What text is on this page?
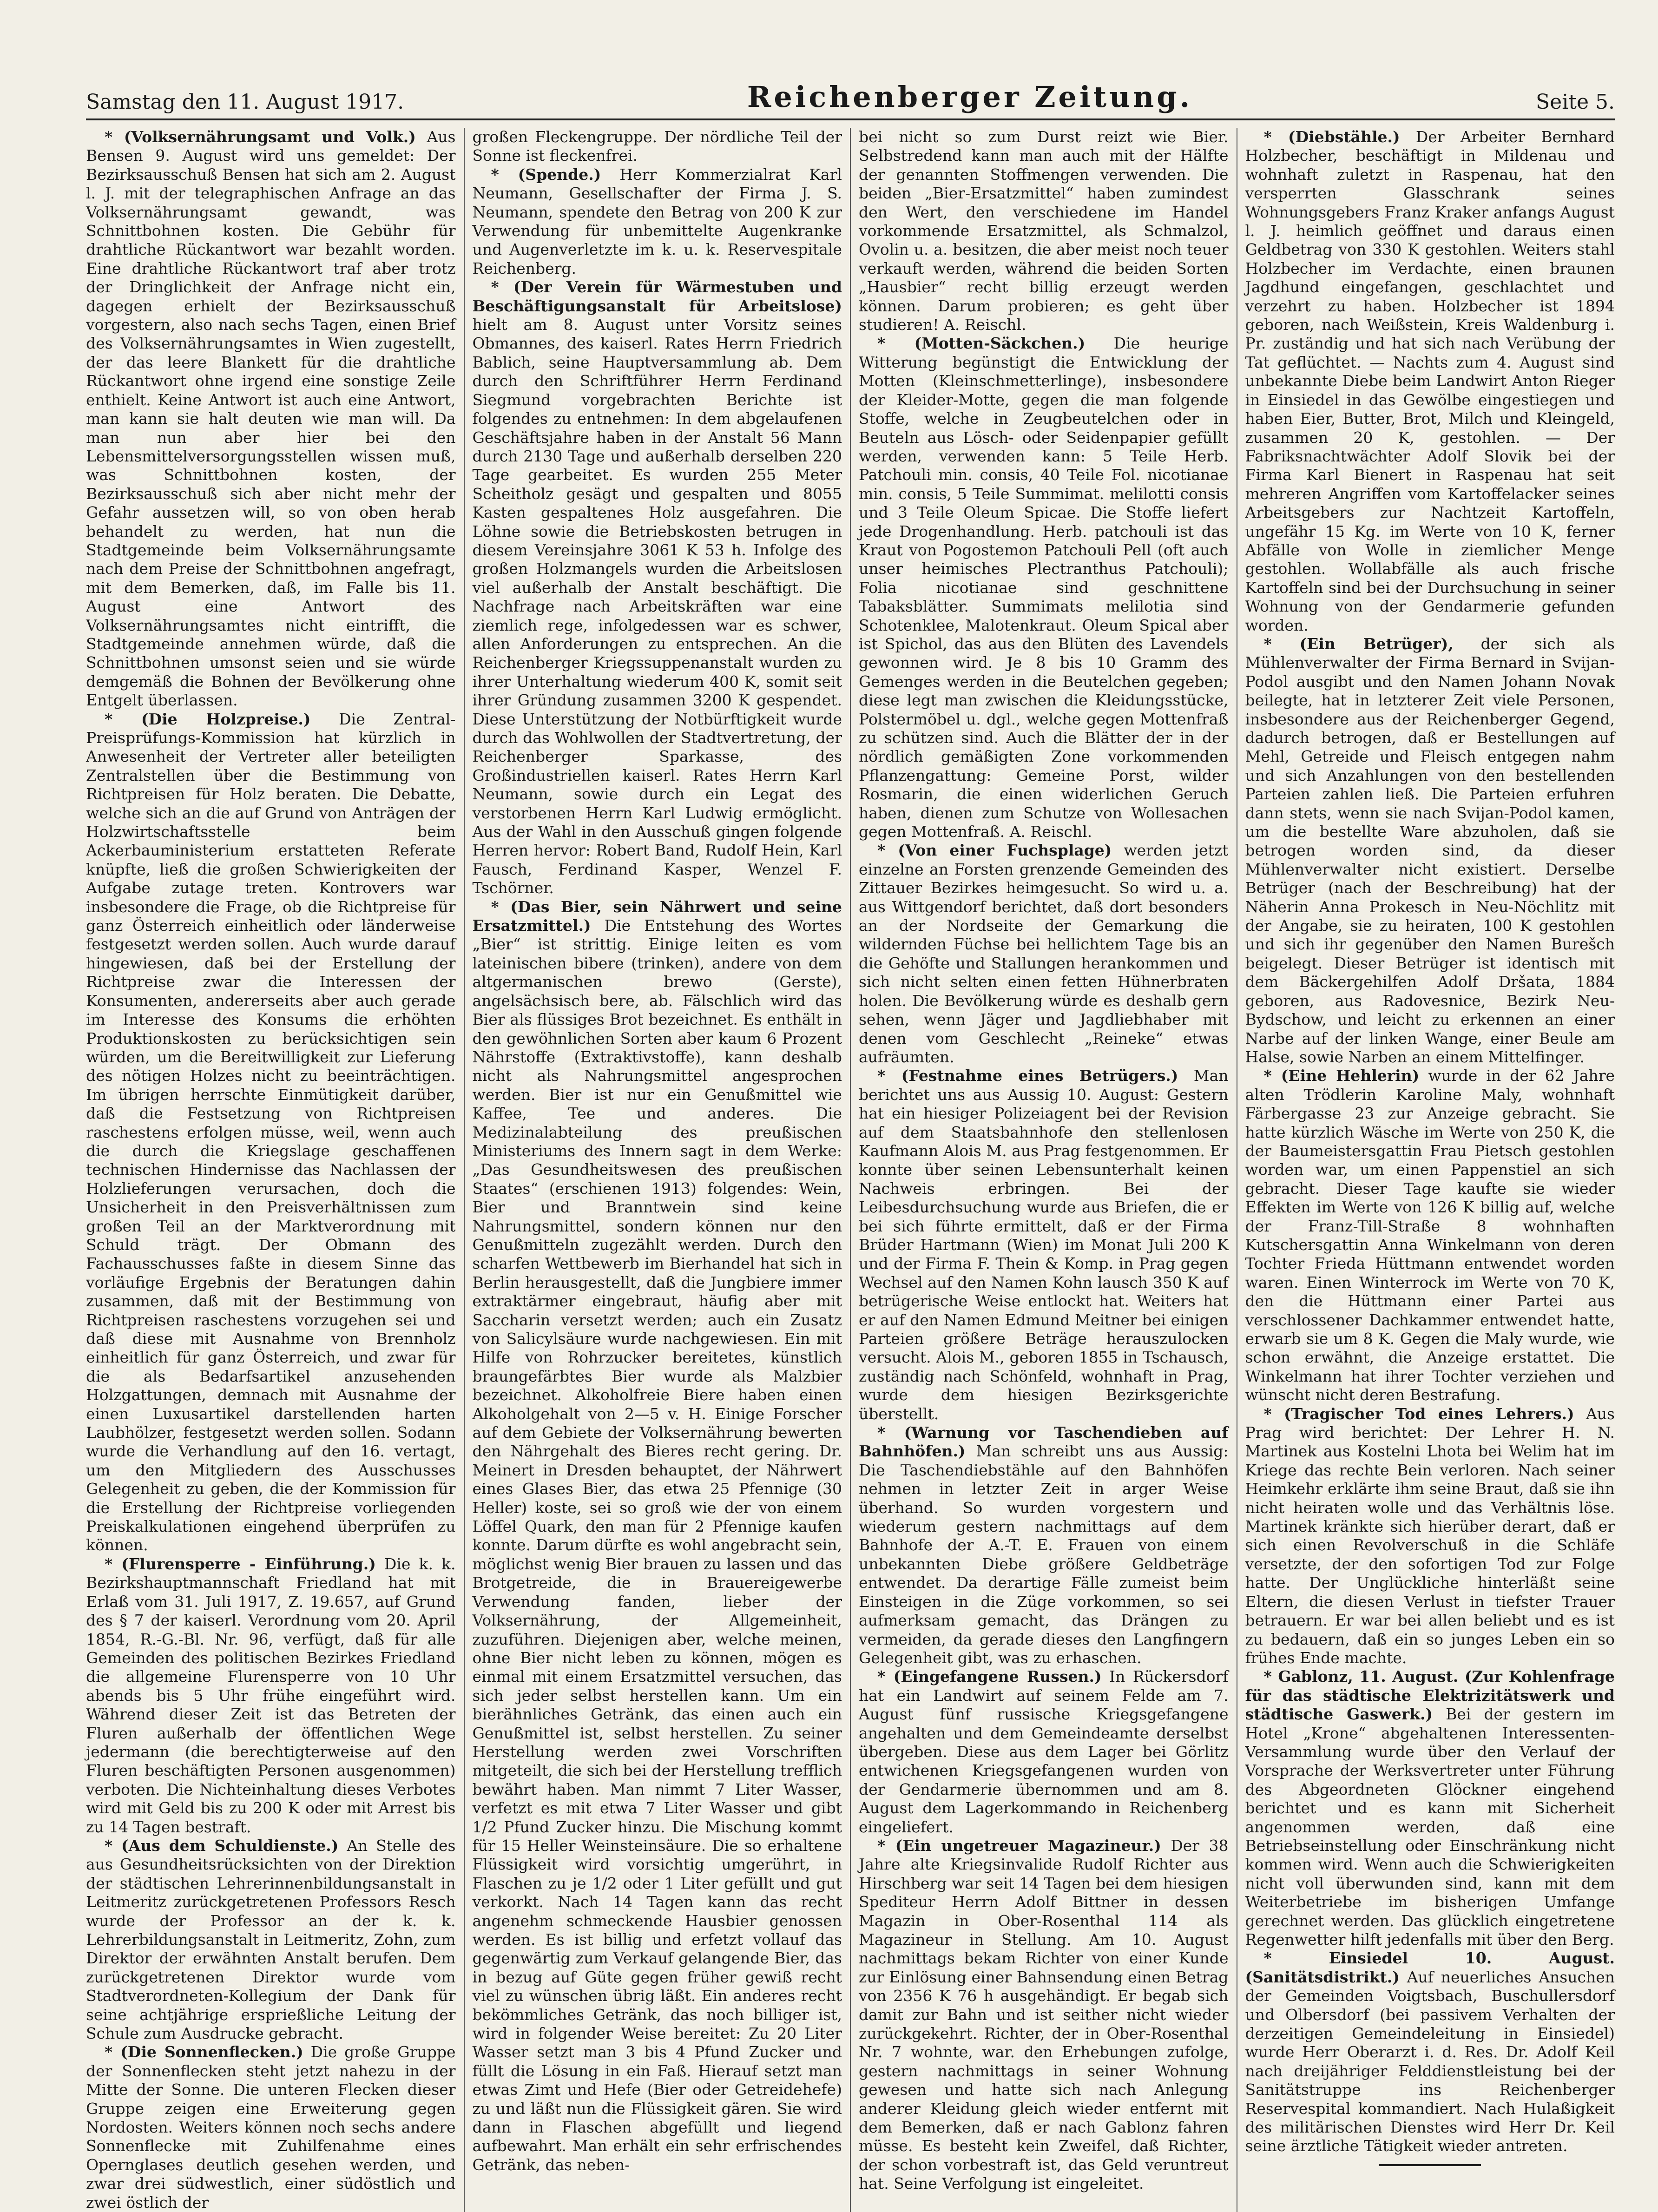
Samstag den 11. August 1917.	Reichenberger Zeitung.	Seite 5.

* (Volksernährungsamt und Volk.) Aus Bensen 9. August wird uns gemeldet: Der Bezirksausschuß Bensen hat sich am 2. August l. J. mit der telegraphischen Anfrage an das Volksernährungsamt gewandt, was Schnittbohnen kosten. Die Gebühr für drahtliche Rückantwort war bezahlt worden. Eine drahtliche Rückantwort traf aber trotz der Dringlichkeit der Anfrage nicht ein, dagegen erhielt der Bezirksausschuß vorgestern, also nach sechs Tagen, einen Brief des Volksernährungsamtes in Wien zugestellt, der das leere Blankett für die drahtliche Rückantwort ohne irgend eine sonstige Zeile enthielt. Keine Antwort ist auch eine Antwort, man kann sie halt deuten wie man will. Da man nun aber hier bei den Lebensmittelversorgungsstellen wissen muß, was Schnittbohnen kosten, der Bezirksausschuß sich aber nicht mehr der Gefahr aussetzen will, so von oben herab behandelt zu werden, hat nun die Stadtgemeinde beim Volksernährungsamte nach dem Preise der Schnittbohnen angefragt, mit dem Bemerken, daß, im Falle bis 11. August eine Antwort des Volksernährungsamtes nicht eintrifft, die Stadtgemeinde annehmen würde, daß die Schnittbohnen umsonst seien und sie würde demgemäß die Bohnen der Bevölkerung ohne Entgelt überlassen.

* (Die Holzpreise.) Die Zentral-Preisprüfungs-Kommission hat kürzlich in Anwesenheit der Vertreter aller beteiligten Zentralstellen über die Bestimmung von Richtpreisen für Holz beraten. Die Debatte, welche sich an die auf Grund von Anträgen der Holzwirtschaftsstelle beim Ackerbauministerium erstatteten Referate knüpfte, ließ die großen Schwierigkeiten der Aufgabe zutage treten. Kontrovers war insbesondere die Frage, ob die Richtpreise für ganz Österreich einheitlich oder länderweise festgesetzt werden sollen. Auch wurde darauf hingewiesen, daß bei der Erstellung der Richtpreise zwar die Interessen der Konsumenten, andererseits aber auch gerade im Interesse des Konsums die erhöhten Produktionskosten zu berücksichtigen sein würden, um die Bereitwilligkeit zur Lieferung des nötigen Holzes nicht zu beeinträchtigen. Im übrigen herrschte Einmütigkeit darüber, daß die Festsetzung von Richtpreisen raschestens erfolgen müsse, weil, wenn auch die durch die Kriegslage geschaffenen technischen Hindernisse das Nachlassen der Holzlieferungen verursachen, doch die Unsicherheit in den Preisverhältnissen zum großen Teil an der Marktverordnung mit Schuld trägt. Der Obmann des Fachausschusses faßte in diesem Sinne das vorläufige Ergebnis der Beratungen dahin zusammen, daß mit der Bestimmung von Richtpreisen raschestens vorzugehen sei und daß diese mit Ausnahme von Brennholz einheitlich für ganz Österreich, und zwar für die als Bedarfsartikel anzusehenden Holzgattungen, demnach mit Ausnahme der einen Luxusartikel darstellenden harten Laubhölzer, festgesetzt werden sollen. Sodann wurde die Verhandlung auf den 16. vertagt, um den Mitgliedern des Ausschusses Gelegenheit zu geben, die der Kommission für die Erstellung der Richtpreise vorliegenden Preiskalkulationen eingehend überprüfen zu können.

* (Flurensperre - Einführung.) Die k. k. Bezirkshauptmannschaft Friedland hat mit Erlaß vom 31. Juli 1917, Z. 19.657, auf Grund des § 7 der kaiserl. Verordnung vom 20. April 1854, R.-G.-Bl. Nr. 96, verfügt, daß für alle Gemeinden des politischen Bezirkes Friedland die allgemeine Flurensperre von 10 Uhr abends bis 5 Uhr frühe eingeführt wird. Während dieser Zeit ist das Betreten der Fluren außerhalb der öffentlichen Wege jedermann (die berechtigterweise auf den Fluren beschäftigten Personen ausgenommen) verboten. Die Nichteinhaltung dieses Verbotes wird mit Geld bis zu 200 K oder mit Arrest bis zu 14 Tagen bestraft.

* (Aus dem Schuldienste.) An Stelle des aus Gesundheitsrücksichten von der Direktion der städtischen Lehrerinnenbildungsanstalt in Leitmeritz zurückgetretenen Professors Resch wurde der Professor an der k. k. Lehrerbildungsanstalt in Leitmeritz, Zohn, zum Direktor der erwähnten Anstalt berufen. Dem zurückgetretenen Direktor wurde vom Stadtverordneten-Kollegium der Dank für seine achtjährige ersprießliche Leitung der Schule zum Ausdrucke gebracht.

* (Die Sonnenflecken.) Die große Gruppe der Sonnenflecken steht jetzt nahezu in der Mitte der Sonne. Die unteren Flecken dieser Gruppe zeigen eine Erweiterung gegen Nordosten. Weiters können noch sechs andere Sonnenflecke mit Zuhilfenahme eines Opernglases deutlich gesehen werden, und zwar drei südwestlich, einer südöstlich und zwei östlich der

großen Fleckengruppe. Der nördliche Teil der Sonne ist fleckenfrei.

* (Spende.) Herr Kommerzialrat Karl Neumann, Gesellschafter der Firma J. S. Neumann, spendete den Betrag von 200 K zur Verwendung für unbemittelte Augenkranke und Augenverletzte im k. u. k. Reservespitale Reichenberg.

* (Der Verein für Wärmestuben und Beschäftigungsanstalt für Arbeitslose) hielt am 8. August unter Vorsitz seines Obmannes, des kaiserl. Rates Herrn Friedrich Bablich, seine Hauptversammlung ab. Dem durch den Schriftführer Herrn Ferdinand Siegmund vorgebrachten Berichte ist folgendes zu entnehmen: In dem abgelaufenen Geschäftsjahre haben in der Anstalt 56 Mann durch 2130 Tage und außerhalb derselben 220 Tage gearbeitet. Es wurden 255 Meter Scheitholz gesägt und gespalten und 8055 Kasten gespaltenes Holz ausgefahren. Die Löhne sowie die Betriebskosten betrugen in diesem Vereinsjahre 3061 K 53 h. Infolge des großen Holzmangels wurden die Arbeitslosen viel außerhalb der Anstalt beschäftigt. Die Nachfrage nach Arbeitskräften war eine ziemlich rege, infolgedessen war es schwer, allen Anforderungen zu entsprechen. An die Reichenberger Kriegssuppenanstalt wurden zu ihrer Unterhaltung wiederum 400 K, somit seit ihrer Gründung zusammen 3200 K gespendet. Diese Unterstützung der Notbürftigkeit wurde durch das Wohlwollen der Stadtvertretung, der Reichenberger Sparkasse, des Großindustriellen kaiserl. Rates Herrn Karl Neumann, sowie durch ein Legat des verstorbenen Herrn Karl Ludwig ermöglicht. Aus der Wahl in den Ausschuß gingen folgende Herren hervor: Robert Band, Rudolf Hein, Karl Fausch, Ferdinand Kasper, Wenzel F. Tschörner.

* (Das Bier, sein Nährwert und seine Ersatzmittel.) Die Entstehung des Wortes „Bier“ ist strittig. Einige leiten es vom lateinischen bibere (trinken), andere von dem altgermanischen brewo (Gerste), angelsächsisch bere, ab. Fälschlich wird das Bier als flüssiges Brot bezeichnet. Es enthält in den gewöhnlichen Sorten aber kaum 6 Prozent Nährstoffe (Extraktivstoffe), kann deshalb nicht als Nahrungsmittel angesprochen werden. Bier ist nur ein Genußmittel wie Kaffee, Tee und anderes. Die Medizinalabteilung des preußischen Ministeriums des Innern sagt in dem Werke: „Das Gesundheitswesen des preußischen Staates“ (erschienen 1913) folgendes: Wein, Bier und Branntwein sind keine Nahrungsmittel, sondern können nur den Genußmitteln zugezählt werden. Durch den scharfen Wettbewerb im Bierhandel hat sich in Berlin herausgestellt, daß die Jungbiere immer extraktärmer eingebraut, häufig aber mit Saccharin versetzt werden; auch ein Zusatz von Salicylsäure wurde nachgewiesen. Ein mit Hilfe von Rohrzucker bereitetes, künstlich braungefärbtes Bier wurde als Malzbier bezeichnet. Alkoholfreie Biere haben einen Alkoholgehalt von 2—5 v. H. Einige Forscher auf dem Gebiete der Volksernährung bewerten den Nährgehalt des Bieres recht gering. Dr. Meinert in Dresden behauptet, der Nährwert eines Glases Bier, das etwa 25 Pfennige (30 Heller) koste, sei so groß wie der von einem Löffel Quark, den man für 2 Pfennige kaufen konnte. Darum dürfte es wohl angebracht sein, möglichst wenig Bier brauen zu lassen und das Brotgetreide, die in Brauereigewerbe Verwendung fanden, lieber der Volksernährung, der Allgemeinheit, zuzuführen. Diejenigen aber, welche meinen, ohne Bier nicht leben zu können, mögen es einmal mit einem Ersatzmittel versuchen, das sich jeder selbst herstellen kann. Um ein bierähnliches Getränk, das einen auch ein Genußmittel ist, selbst herstellen. Zu seiner Herstellung werden zwei Vorschriften mitgeteilt, die sich bei der Herstellung trefflich bewährt haben. Man nimmt 7 Liter Wasser, verfetzt es mit etwa 7 Liter Wasser und gibt 1/2 Pfund Zucker hinzu. Die Mischung kommt für 15 Heller Weinsteinsäure. Die so erhaltene Flüssigkeit wird vorsichtig umgerührt, in Flaschen zu je 1/2 oder 1 Liter gefüllt und gut verkorkt. Nach 14 Tagen kann das recht angenehm schmeckende Hausbier genossen werden. Es ist billig und erfetzt vollauf das gegenwärtig zum Verkauf gelangende Bier, das in bezug auf Güte gegen früher gewiß recht viel zu wünschen übrig läßt. Ein anderes recht bekömmliches Getränk, das noch billiger ist, wird in folgender Weise bereitet: Zu 20 Liter Wasser setzt man 3 bis 4 Pfund Zucker und füllt die Lösung in ein Faß. Hierauf setzt man etwas Zimt und Hefe (Bier oder Getreidehefe) zu und läßt nun die Flüssigkeit gären. Sie wird dann in Flaschen abgefüllt und liegend aufbewahrt. Man erhält ein sehr erfrischendes Getränk, das neben-

bei nicht so zum Durst reizt wie Bier. Selbstredend kann man auch mit der Hälfte der genannten Stoffmengen verwenden. Die beiden „Bier-Ersatzmittel“ haben zumindest den Wert, den verschiedene im Handel vorkommende Ersatzmittel, als Schmalzol, Ovolin u. a. besitzen, die aber meist noch teuer verkauft werden, während die beiden Sorten „Hausbier“ recht billig erzeugt werden können. Darum probieren; es geht über studieren! A. Reischl.

* (Motten-Säckchen.) Die heurige Witterung begünstigt die Entwicklung der Motten (Kleinschmetterlinge), insbesondere der Kleider-Motte, gegen die man folgende Stoffe, welche in Zeugbeutelchen oder in Beuteln aus Lösch- oder Seidenpapier gefüllt werden, verwenden kann: 5 Teile Herb. Patchouli min. consis, 40 Teile Fol. nicotianae min. consis, 5 Teile Summimat. melilotti consis und 3 Teile Oleum Spicae. Die Stoffe liefert jede Drogenhandlung. Herb. patchouli ist das Kraut von Pogostemon Patchouli Pell (oft auch unser heimisches Plectranthus Patchouli); Folia nicotianae sind geschnittene Tabaksblätter. Summimats melilotia sind Schotenklee, Malotenkraut. Oleum Spical aber ist Spichol, das aus den Blüten des Lavendels gewonnen wird. Je 8 bis 10 Gramm des Gemenges werden in die Beutelchen gegeben; diese legt man zwischen die Kleidungsstücke, Polstermöbel u. dgl., welche gegen Mottenfraß zu schützen sind. Auch die Blätter der in der nördlich gemäßigten Zone vorkommenden Pflanzengattung: Gemeine Porst, wilder Rosmarin, die einen widerlichen Geruch haben, dienen zum Schutze von Wollesachen gegen Mottenfraß. A. Reischl.

* (Von einer Fuchsplage) werden jetzt einzelne an Forsten grenzende Gemeinden des Zittauer Bezirkes heimgesucht. So wird u. a. aus Wittgendorf berichtet, daß dort besonders an der Nordseite der Gemarkung die wildernden Füchse bei hellichtem Tage bis an die Gehöfte und Stallungen herankommen und sich nicht selten einen fetten Hühnerbraten holen. Die Bevölkerung würde es deshalb gern sehen, wenn Jäger und Jagdliebhaber mit denen vom Geschlecht „Reineke“ etwas aufräumten.

* (Festnahme eines Betrügers.) Man berichtet uns aus Aussig 10. August: Gestern hat ein hiesiger Polizeiagent bei der Revision auf dem Staatsbahnhofe den stellenlosen Kaufmann Alois M. aus Prag festgenommen. Er konnte über seinen Lebensunterhalt keinen Nachweis erbringen. Bei der Leibesdurchsuchung wurde aus Briefen, die er bei sich führte ermittelt, daß er der Firma Brüder Hartmann (Wien) im Monat Juli 200 K und der Firma F. Thein & Komp. in Prag gegen Wechsel auf den Namen Kohn lausch 350 K auf betrügerische Weise entlockt hat. Weiters hat er auf den Namen Edmund Meitner bei einigen Parteien größere Beträge herauszulocken versucht. Alois M., geboren 1855 in Tschausch, zuständig nach Schönfeld, wohnhaft in Prag, wurde dem hiesigen Bezirksgerichte überstellt.

* (Warnung vor Taschendieben auf Bahnhöfen.) Man schreibt uns aus Aussig: Die Taschendiebstähle auf den Bahnhöfen nehmen in letzter Zeit in arger Weise überhand. So wurden vorgestern und wiederum gestern nachmittags auf dem Bahnhofe der A.-T. E. Frauen von einem unbekannten Diebe größere Geldbeträge entwendet. Da derartige Fälle zumeist beim Einsteigen in die Züge vorkommen, so sei aufmerksam gemacht, das Drängen zu vermeiden, da gerade dieses den Langfingern Gelegenheit gibt, was zu erhaschen.

* (Eingefangene Russen.) In Rückersdorf hat ein Landwirt auf seinem Felde am 7. August fünf russische Kriegsgefangene angehalten und dem Gemeindeamte derselbst übergeben. Diese aus dem Lager bei Görlitz entwichenen Kriegsgefangenen wurden von der Gendarmerie übernommen und am 8. August dem Lagerkommando in Reichenberg eingeliefert.

* (Ein ungetreuer Magazineur.) Der 38 Jahre alte Kriegsinvalide Rudolf Richter aus Hirschberg war seit 14 Tagen bei dem hiesigen Spediteur Herrn Adolf Bittner in dessen Magazin in Ober-Rosenthal 114 als Magazineur in Stellung. Am 10. August nachmittags bekam Richter von einer Kunde zur Einlösung einer Bahnsendung einen Betrag von 2356 K 76 h ausgehändigt. Er begab sich damit zur Bahn und ist seither nicht wieder zurückgekehrt. Richter, der in Ober-Rosenthal Nr. 7 wohnte, war. den Erhebungen zufolge, gestern nachmittags in seiner Wohnung gewesen und hatte sich nach Anlegung anderer Kleidung gleich wieder entfernt mit dem Bemerken, daß er nach Gablonz fahren müsse. Es besteht kein Zweifel, daß Richter, der schon vorbestraft ist, das Geld veruntreut hat. Seine Verfolgung ist eingeleitet.

* (Diebstähle.) Der Arbeiter Bernhard Holzbecher, beschäftigt in Mildenau und wohnhaft zuletzt in Raspenau, hat den versperrten Glasschrank seines Wohnungsgebers Franz Kraker anfangs August l. J. heimlich geöffnet und daraus einen Geldbetrag von 330 K gestohlen. Weiters stahl Holzbecher im Verdachte, einen braunen Jagdhund eingefangen, geschlachtet und verzehrt zu haben. Holzbecher ist 1894 geboren, nach Weißstein, Kreis Waldenburg i. Pr. zuständig und hat sich nach Verübung der Tat geflüchtet. — Nachts zum 4. August sind unbekannte Diebe beim Landwirt Anton Rieger in Einsiedel in das Gewölbe eingestiegen und haben Eier, Butter, Brot, Milch und Kleingeld, zusammen 20 K, gestohlen. — Der Fabriksnachtwächter Adolf Slovik bei der Firma Karl Bienert in Raspenau hat seit mehreren Angriffen vom Kartoffelacker seines Arbeitsgebers zur Nachtzeit Kartoffeln, ungefähr 15 Kg. im Werte von 10 K, ferner Abfälle von Wolle in ziemlicher Menge gestohlen. Wollabfälle als auch frische Kartoffeln sind bei der Durchsuchung in seiner Wohnung von der Gendarmerie gefunden worden.

* (Ein Betrüger), der sich als Mühlenverwalter der Firma Bernard in Svijan-Podol ausgibt und den Namen Johann Novak beilegte, hat in letzterer Zeit viele Personen, insbesondere aus der Reichenberger Gegend, dadurch betrogen, daß er Bestellungen auf Mehl, Getreide und Fleisch entgegen nahm und sich Anzahlungen von den bestellenden Parteien zahlen ließ. Die Parteien erfuhren dann stets, wenn sie nach Svijan-Podol kamen, um die bestellte Ware abzuholen, daß sie betrogen worden sind, da dieser Mühlenverwalter nicht existiert. Derselbe Betrüger (nach der Beschreibung) hat der Näherin Anna Prokesch in Neu-Nöchlitz mit der Angabe, sie zu heiraten, 100 K gestohlen und sich ihr gegenüber den Namen Burešch beigelegt. Dieser Betrüger ist identisch mit dem Bäckergehilfen Adolf Dršata, 1884 geboren, aus Radovesnice, Bezirk Neu-Bydschow, und leicht zu erkennen an einer Narbe auf der linken Wange, einer Beule am Halse, sowie Narben an einem Mittelfinger.

* (Eine Hehlerin) wurde in der 62 Jahre alten Trödlerin Karoline Maly, wohnhaft Färbergasse 23 zur Anzeige gebracht. Sie hatte kürzlich Wäsche im Werte von 250 K, die der Baumeistersgattin Frau Pietsch gestohlen worden war, um einen Pappenstiel an sich gebracht. Dieser Tage kaufte sie wieder Effekten im Werte von 126 K billig auf, welche der Franz-Till-Straße 8 wohnhaften Kutschersgattin Anna Winkelmann von deren Tochter Frieda Hüttmann entwendet worden waren. Einen Winterrock im Werte von 70 K, den die Hüttmann einer Partei aus verschlossener Dachkammer entwendet hatte, erwarb sie um 8 K. Gegen die Maly wurde, wie schon erwähnt, die Anzeige erstattet. Die Winkelmann hat ihrer Tochter verziehen und wünscht nicht deren Bestrafung.

* (Tragischer Tod eines Lehrers.) Aus Prag wird berichtet: Der Lehrer H. N. Martinek aus Kostelni Lhota bei Welim hat im Kriege das rechte Bein verloren. Nach seiner Heimkehr erklärte ihm seine Braut, daß sie ihn nicht heiraten wolle und das Verhältnis löse. Martinek kränkte sich hierüber derart, daß er sich einen Revolverschuß in die Schläfe versetzte, der den sofortigen Tod zur Folge hatte. Der Unglückliche hinterläßt seine Eltern, die diesen Verlust in tiefster Trauer betrauern. Er war bei allen beliebt und es ist zu bedauern, daß ein so junges Leben ein so frühes Ende machte.

* Gablonz, 11. August. (Zur Kohlenfrage für das städtische Elektrizitätswerk und städtische Gaswerk.) Bei der gestern im Hotel „Krone“ abgehaltenen Interessenten-Versammlung wurde über den Verlauf der Vorsprache der Werksvertreter unter Führung des Abgeordneten Glöckner eingehend berichtet und es kann mit Sicherheit angenommen werden, daß eine Betriebseinstellung oder Einschränkung nicht kommen wird. Wenn auch die Schwierigkeiten nicht voll überwunden sind, kann mit dem Weiterbetriebe im bisherigen Umfange gerechnet werden. Das glücklich eingetretene Regenwetter hilft jedenfalls mit über den Berg.

* Einsiedel 10. August. (Sanitätsdistrikt.) Auf neuerliches Ansuchen der Gemeinden Voigtsbach, Buschullersdorf und Olbersdorf (bei passivem Verhalten der derzeitigen Gemeindeleitung in Einsiedel) wurde Herr Oberarzt i. d. Res. Dr. Adolf Keil nach dreijähriger Felddienstleistung bei der Sanitätstruppe ins Reichenberger Reservespital kommandiert. Nach Hulaßigkeit des militärischen Dienstes wird Herr Dr. Keil seine ärztliche Tätigkeit wieder antreten.
